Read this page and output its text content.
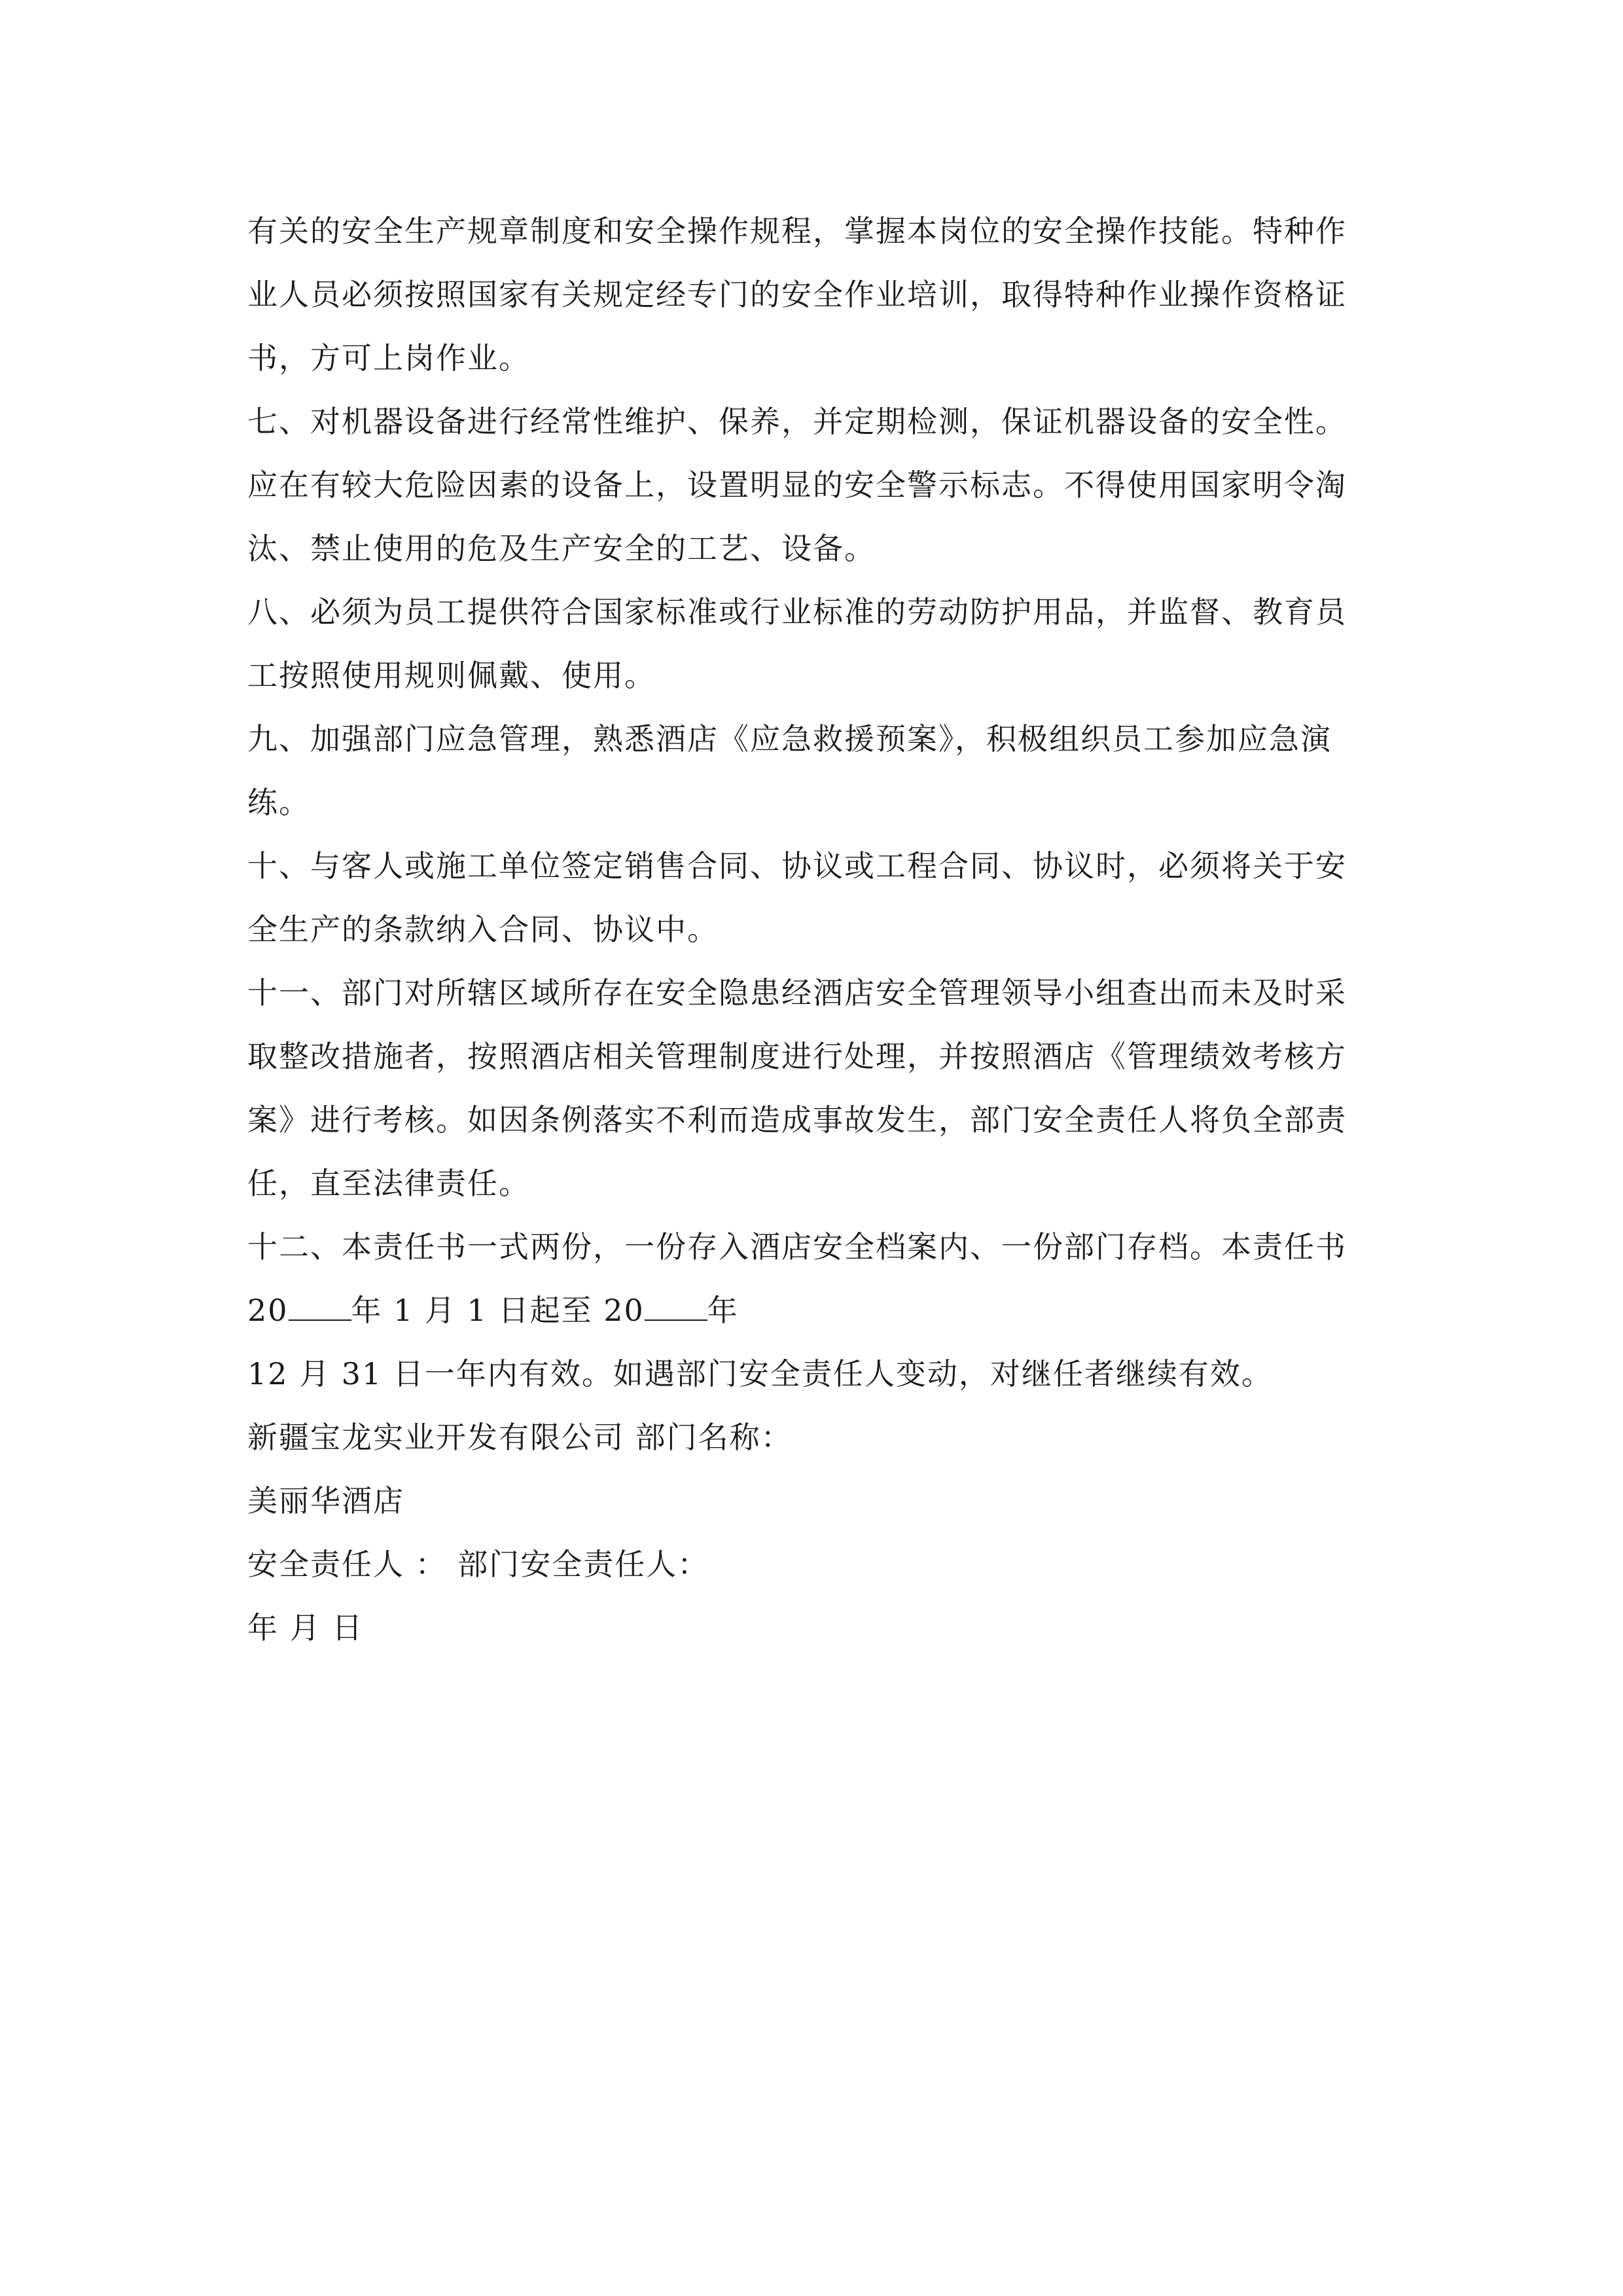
有关的安全生产规章制度和安全操作规程，掌握本岗位的安全操作技能。特种作
业人员必须按照国家有关规定经专门的安全作业培训，取得特种作业操作资格证
书，方可上岗作业。
七、对机器设备进行经常性维护、保养，并定期检测，保证机器设备的安全性。
应在有较大危险因素的设备上，设置明显的安全警示标志。不得使用国家明令淘
汰、禁止使用的危及生产安全的工艺、设备。
八、必须为员工提供符合国家标准或行业标准的劳动防护用品，并监督、教育员
工按照使用规则佩戴、使用。
九、加强部门应急管理，熟悉酒店《应急救援预案》，积极组织员工参加应急演
练。
十、与客人或施工单位签定销售合同、协议或工程合同、协议时，必须将关于安
全生产的条款纳入合同、协议中。
十一、部门对所辖区域所存在安全隐患经酒店安全管理领导小组查出而未及时采
取整改措施者，按照酒店相关管理制度进行处理，并按照酒店《管理绩效考核方
案》进行考核。如因条例落实不利而造成事故发生，部门安全责任人将负全部责
任，直至法律责任。
十二、本责任书一式两份，一份存入酒店安全档案内、一份部门存档。本责任书
20 年 1 月 1 日起至 20 年
12 月 31 日一年内有效。如遇部门安全责任人变动，对继任者继续有效。
新疆宝龙实业开发有限公司 部门名称：
美丽华酒店
安全责任人 ： 部门安全责任人：
年 月 日
